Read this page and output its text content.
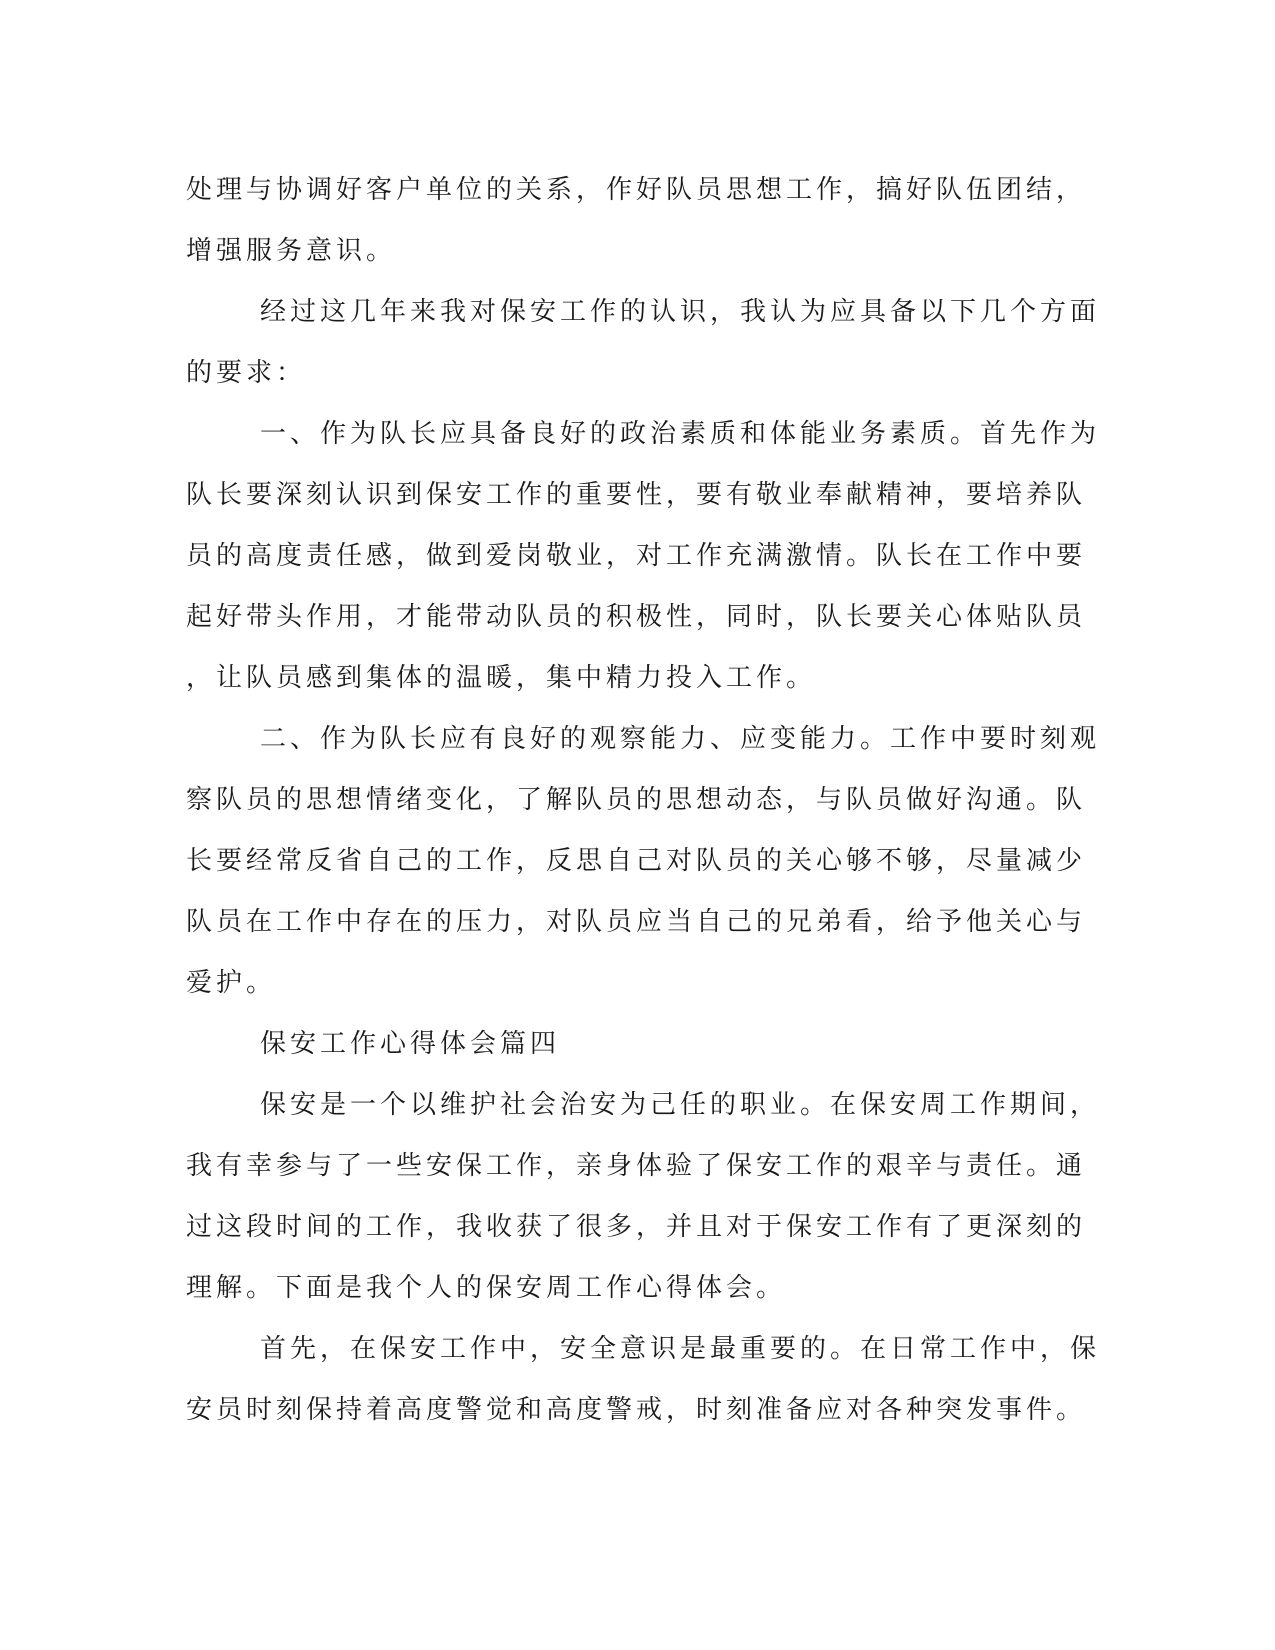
处理与协调好客户单位的关系，作好队员思想工作，搞好队伍团结，
增强服务意识。
经过这几年来我对保安工作的认识，我认为应具备以下几个方面
的要求：
一、作为队长应具备良好的政治素质和体能业务素质。首先作为
队长要深刻认识到保安工作的重要性，要有敬业奉献精神，要培养队
员的高度责任感，做到爱岗敬业，对工作充满激情。队长在工作中要
起好带头作用，才能带动队员的积极性，同时，队长要关心体贴队员
，让队员感到集体的温暖，集中精力投入工作。
二、作为队长应有良好的观察能力、应变能力。工作中要时刻观
察队员的思想情绪变化，了解队员的思想动态，与队员做好沟通。队
长要经常反省自己的工作，反思自己对队员的关心够不够，尽量减少
队员在工作中存在的压力，对队员应当自己的兄弟看，给予他关心与
爱护。
保安工作心得体会篇四
保安是一个以维护社会治安为己任的职业。在保安周工作期间，
我有幸参与了一些安保工作，亲身体验了保安工作的艰辛与责任。通
过这段时间的工作，我收获了很多，并且对于保安工作有了更深刻的
理解。下面是我个人的保安周工作心得体会。
首先，在保安工作中，安全意识是最重要的。在日常工作中，保
安员时刻保持着高度警觉和高度警戒，时刻准备应对各种突发事件。
